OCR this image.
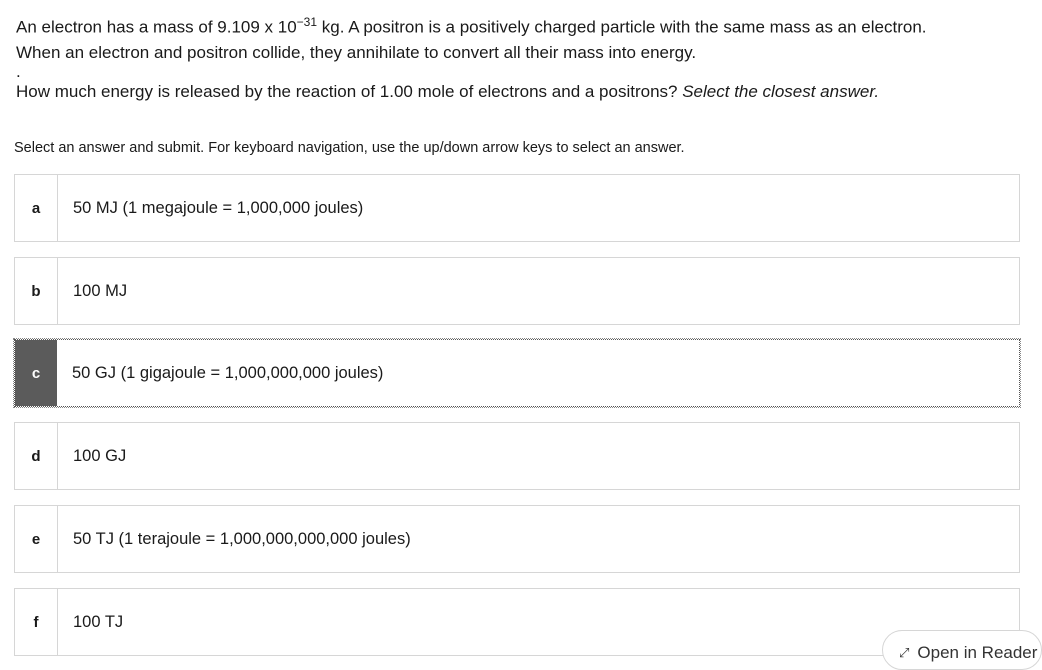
An electron has a mass of 9.109 x $10^{-31}$ kg. A positron is a positively charged particle with the same mass as an electron.

When an electron and positron collide, they annihilate to convert all their mass into energy.

.

How much energy is released by the reaction of 1.00 mole of electrons and a positrons? Select the closest answer.

Select an answer and submit. For keyboard navigation, use the up/down arrow keys to select an answer.
a	50 MJ (1 megajoule = 1,000,000 joules)
b	100 MJ
c	50 GJ (1 gigajoule = 1,000,000,000 joules)
d	100 GJ
e	50 TJ (1 terajoule = 1,000,000,000,000 joules)
f	100 TJ
⤢ Open in Reader
